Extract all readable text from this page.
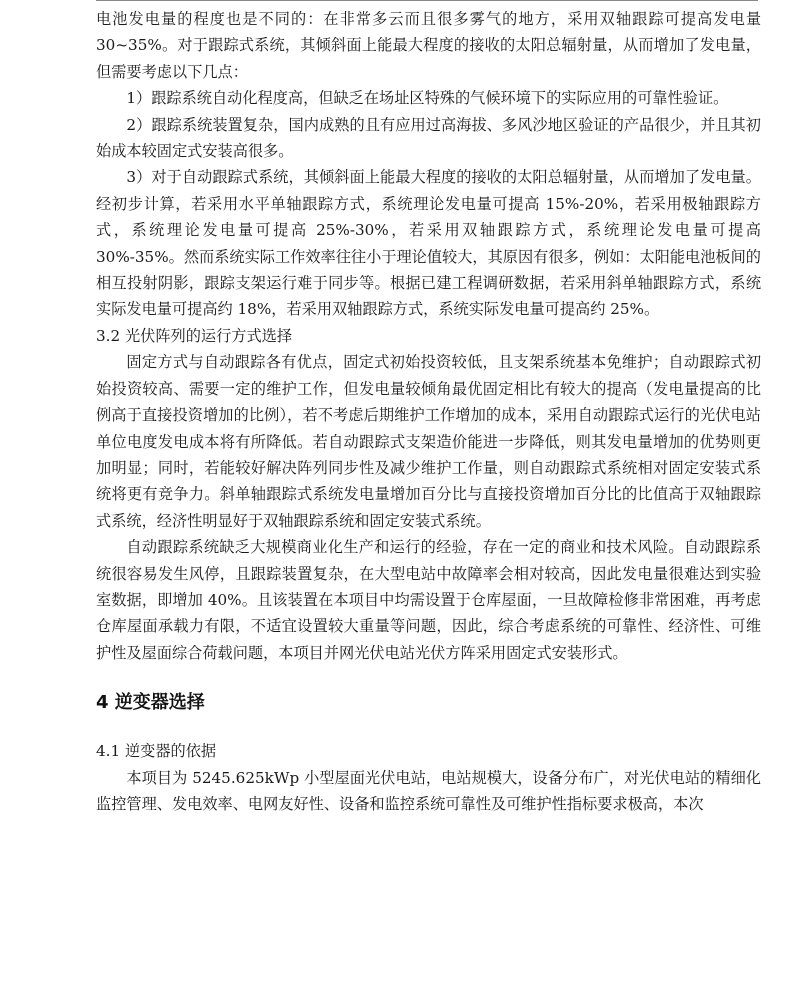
电池发电量的程度也是不同的：在非常多云而且很多雾气的地方，采用双轴跟踪可提高发电量30~35%。对于跟踪式系统，其倾斜面上能最大程度的接收的太阳总辐射量，从而增加了发电量，但需要考虑以下几点：

1）跟踪系统自动化程度高，但缺乏在场址区特殊的气候环境下的实际应用的可靠性验证。

2）跟踪系统装置复杂，国内成熟的且有应用过高海拔、多风沙地区验证的产品很少，并且其初始成本较固定式安装高很多。

3）对于自动跟踪式系统，其倾斜面上能最大程度的接收的太阳总辐射量，从而增加了发电量。经初步计算，若采用水平单轴跟踪方式，系统理论发电量可提高 15%-20%，若采用极轴跟踪方式，系统理论发电量可提高 25%-30%，若采用双轴跟踪方式，系统理论发电量可提高30%-35%。然而系统实际工作效率往往小于理论值较大，其原因有很多，例如：太阳能电池板间的相互投射阴影，跟踪支架运行难于同步等。根据已建工程调研数据，若采用斜单轴跟踪方式，系统实际发电量可提高约 18%，若采用双轴跟踪方式，系统实际发电量可提高约 25%。

3.2 光伏阵列的运行方式选择

固定方式与自动跟踪各有优点，固定式初始投资较低，且支架系统基本免维护；自动跟踪式初始投资较高、需要一定的维护工作，但发电量较倾角最优固定相比有较大的提高（发电量提高的比例高于直接投资增加的比例），若不考虑后期维护工作增加的成本，采用自动跟踪式运行的光伏电站单位电度发电成本将有所降低。若自动跟踪式支架造价能进一步降低，则其发电量增加的优势则更加明显；同时，若能较好解决阵列同步性及减少维护工作量，则自动跟踪式系统相对固定安装式系统将更有竞争力。斜单轴跟踪式系统发电量增加百分比与直接投资增加百分比的比值高于双轴跟踪式系统，经济性明显好于双轴跟踪系统和固定安装式系统。

自动跟踪系统缺乏大规模商业化生产和运行的经验，存在一定的商业和技术风险。自动跟踪系统很容易发生风停，且跟踪装置复杂，在大型电站中故障率会相对较高，因此发电量很难达到实验室数据，即增加 40%。且该装置在本项目中均需设置于仓库屋面，一旦故障检修非常困难，再考虑仓库屋面承载力有限，不适宜设置较大重量等问题，因此，综合考虑系统的可靠性、经济性、可维护性及屋面综合荷载问题，本项目并网光伏电站光伏方阵采用固定式安装形式。

4 逆变器选择

4.1 逆变器的依据

本项目为 5245.625kWp 小型屋面光伏电站，电站规模大，设备分布广，对光伏电站的精细化监控管理、发电效率、电网友好性、设备和监控系统可靠性及可维护性指标要求极高，本次
